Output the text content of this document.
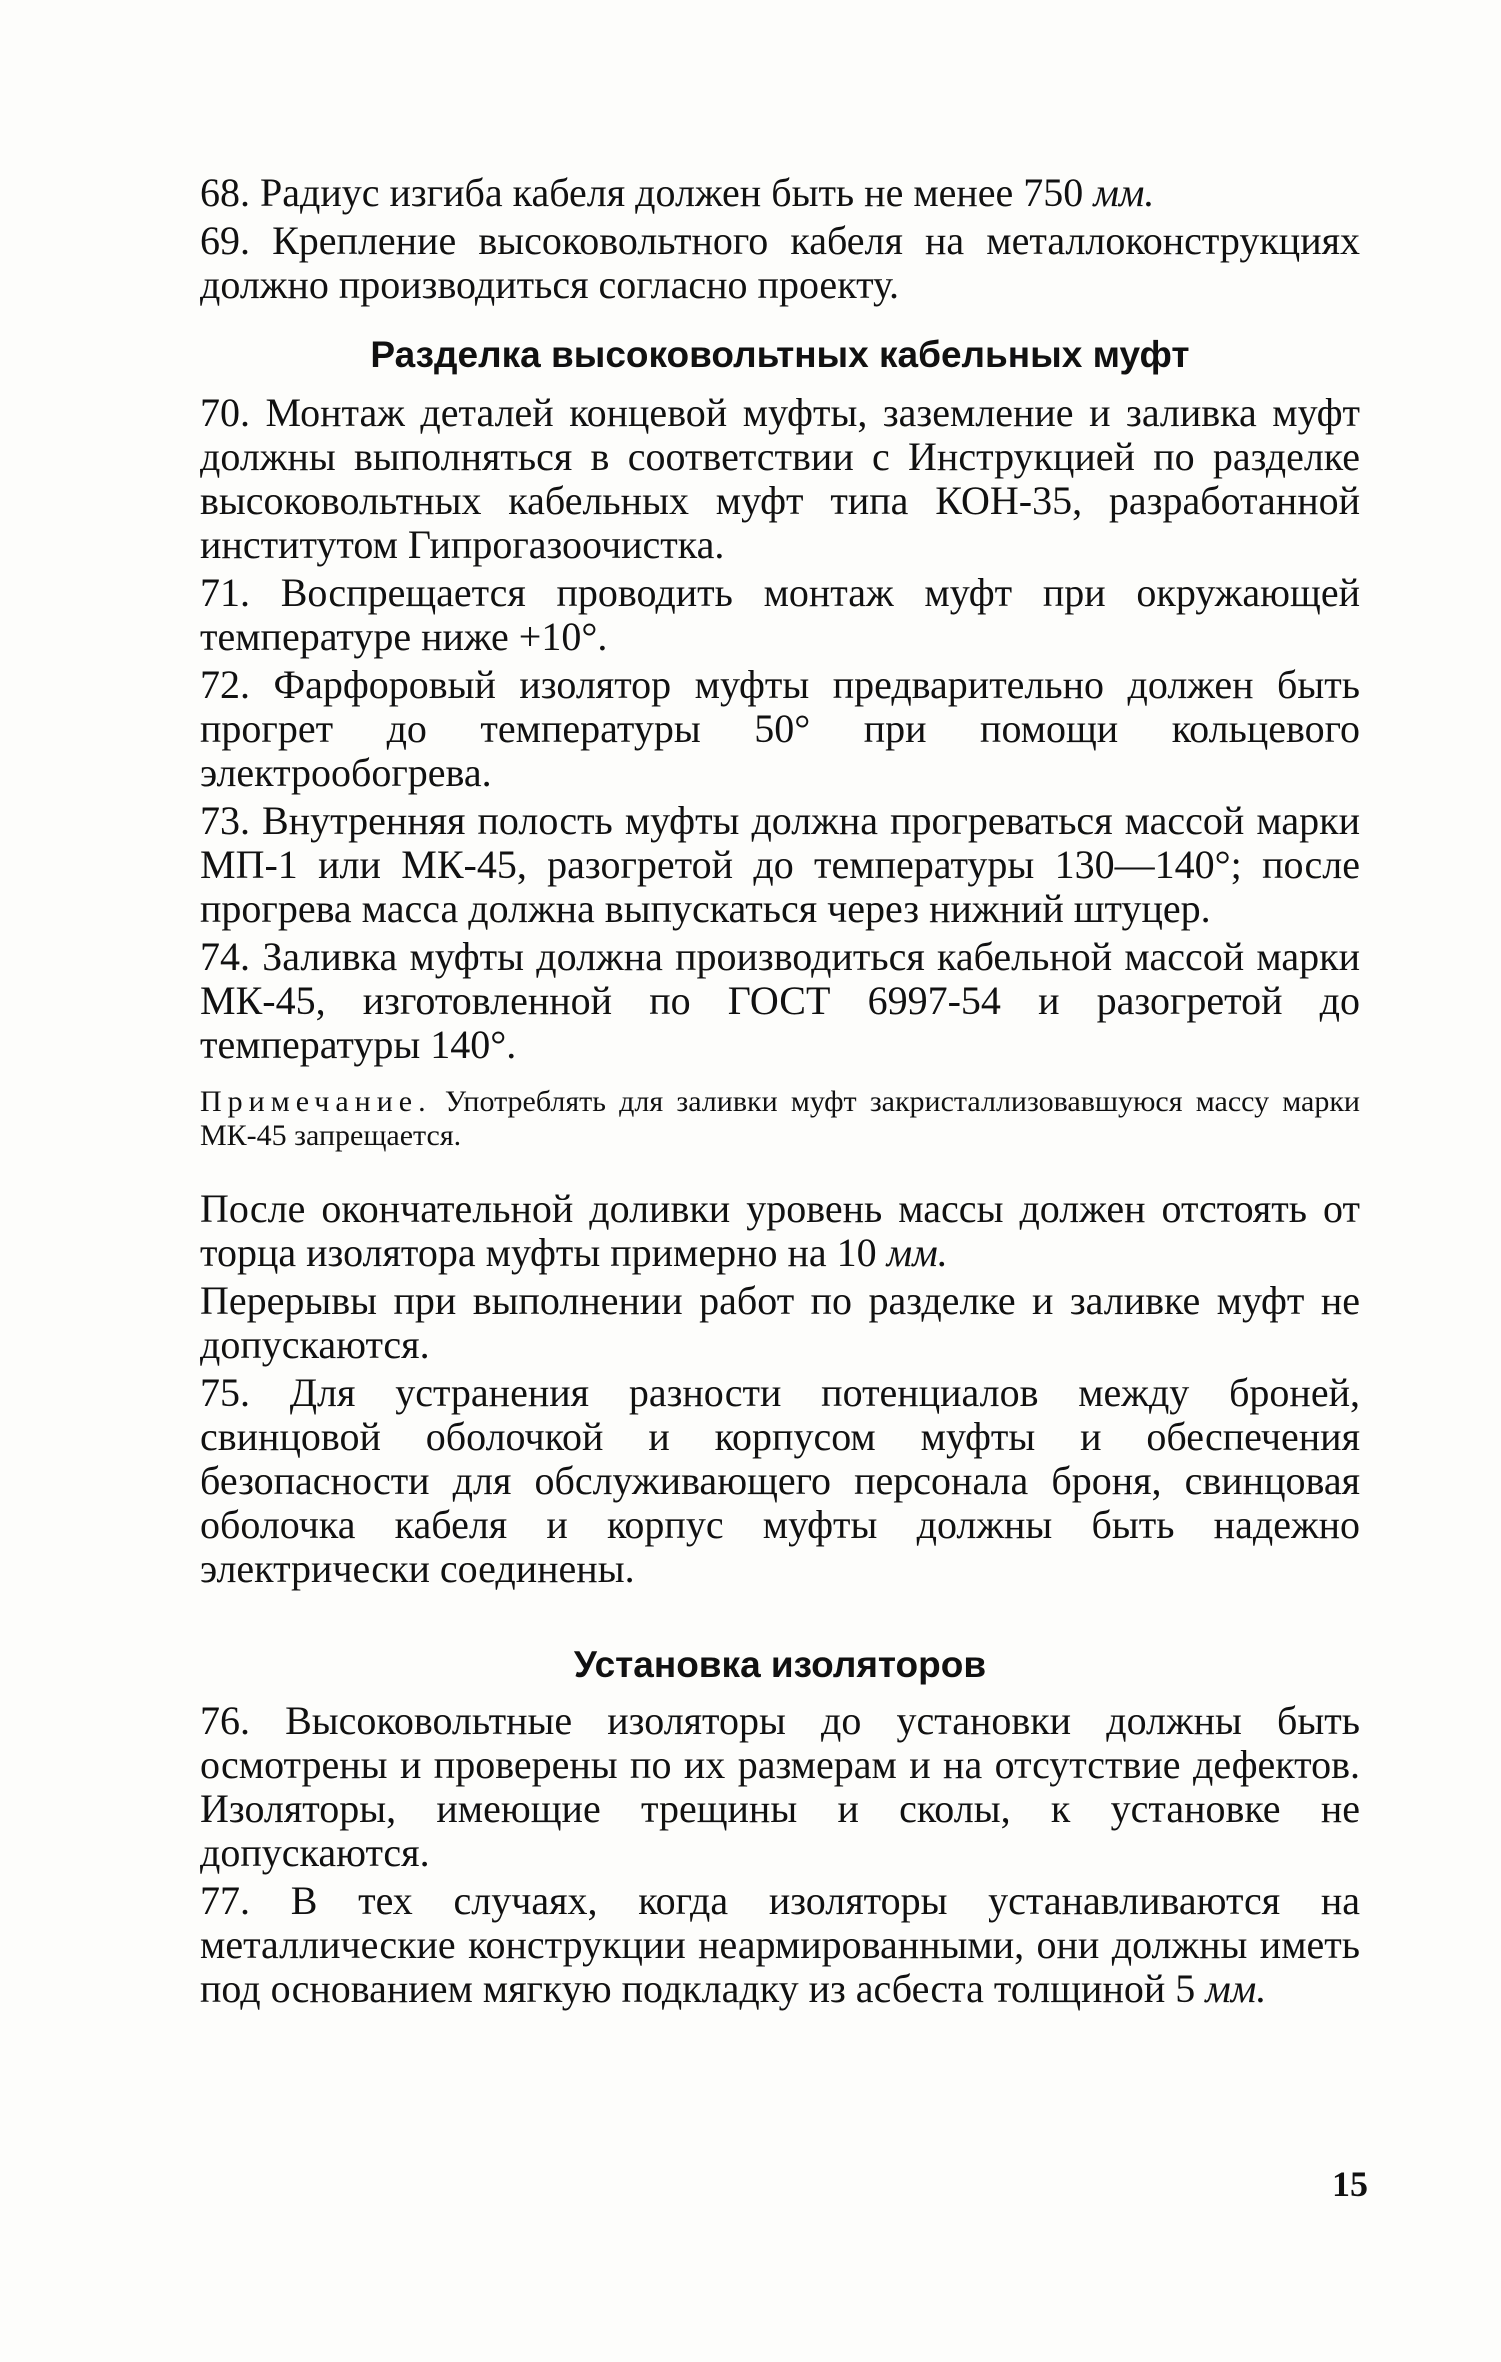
68. Радиус изгиба кабеля должен быть не менее 750 мм.

69. Крепление высоковольтного кабеля на металлоконструкциях должно производиться согласно проекту.

Разделка высоковольтных кабельных муфт

70. Монтаж деталей концевой муфты, заземление и заливка муфт должны выполняться в соответствии с Инструкцией по разделке высоковольтных кабельных муфт типа КОН-35, разработанной институтом Гипрогазоочистка.

71. Воспрещается проводить монтаж муфт при окружающей температуре ниже +10°.

72. Фарфоровый изолятор муфты предварительно должен быть прогрет до температуры 50° при помощи кольцевого электрообогрева.

73. Внутренняя полость муфты должна прогреваться массой марки МП-1 или МК-45, разогретой до температуры 130—140°; после прогрева масса должна выпускаться через нижний штуцер.

74. Заливка муфты должна производиться кабельной массой марки МК-45, изготовленной по ГОСТ 6997-54 и разогретой до температуры 140°.

Примечание. Употреблять для заливки муфт закристаллизовавшуюся массу марки МК-45 запрещается.

После окончательной доливки уровень массы должен отстоять от торца изолятора муфты примерно на 10 мм.

Перерывы при выполнении работ по разделке и заливке муфт не допускаются.

75. Для устранения разности потенциалов между броней, свинцовой оболочкой и корпусом муфты и обеспечения безопасности для обслуживающего персонала броня, свинцовая оболочка кабеля и корпус муфты должны быть надежно электрически соединены.

Установка изоляторов

76. Высоковольтные изоляторы до установки должны быть осмотрены и проверены по их размерам и на отсутствие дефектов. Изоляторы, имеющие трещины и сколы, к установке не допускаются.

77. В тех случаях, когда изоляторы устанавливаются на металлические конструкции неармированными, они должны иметь под основанием мягкую подкладку из асбеста толщиной 5 мм.

15
